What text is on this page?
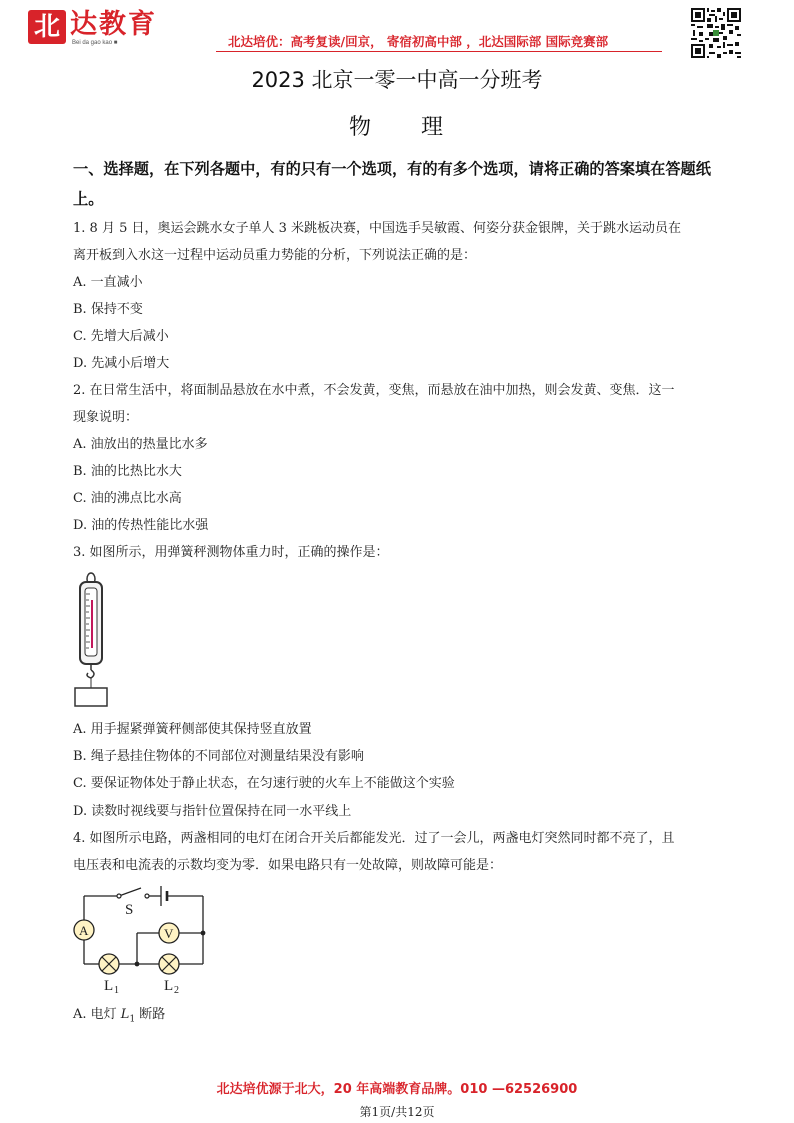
北 达教育
Bei da gao kao ■	北达培优：高考复读/回京， 寄宿初高中部 ，北达国际部 国际竞赛部
2023 北京一零一中高一分班考
物　　理
一、选择题，在下列各题中，有的只有一个选项，有的有多个选项，请将正确的答案填在答题纸上。
1. 8 月 5 日，奥运会跳水女子单人 3 米跳板决赛，中国选手吴敏霞、何姿分获金银牌，关于跳水运动员在
离开板到入水这一过程中运动员重力势能的分析，下列说法正确的是：
A. 一直减小
B. 保持不变
C. 先增大后减小
D. 先减小后增大
2. 在日常生活中，将面制品悬放在水中煮，不会发黄，变焦，而悬放在油中加热，则会发黄、变焦．这一
现象说明：
A. 油放出的热量比水多
B. 油的比热比水大
C. 油的沸点比水高
D. 油的传热性能比水强
3. 如图所示，用弹簧秤测物体重力时，正确的操作是：
A. 用手握紧弹簧秤侧部使其保持竖直放置
B. 绳子悬挂住物体的不同部位对测量结果没有影响
C. 要保证物体处于静止状态，在匀速行驶的火车上不能做这个实验
D. 读数时视线要与指针位置保持在同一水平线上
4. 如图所示电路，两盏相同的电灯在闭合开关后都能发光．过了一会儿，两盏电灯突然同时都不亮了，且
电压表和电流表的示数均变为零．如果电路只有一处故障，则故障可能是：
S
A	V
L 1	L 2
A. 电灯 $L_1$ 断路
北达培优源于北大，20 年高端教育品牌。010 —62526900
第1页/共12页
